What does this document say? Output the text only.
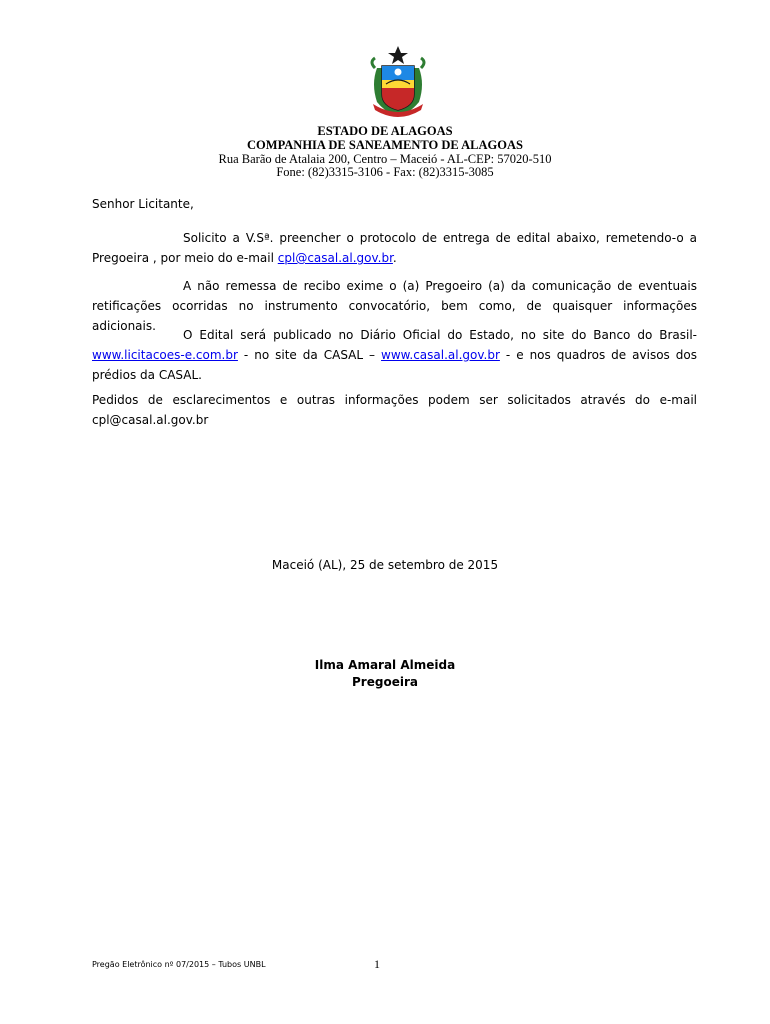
ESTADO DE ALAGOAS
COMPANHIA DE SANEAMENTO DE ALAGOAS
Rua Barão de Atalaia 200, Centro – Maceió - AL-CEP: 57020-510
Fone: (82)3315-3106 - Fax: (82)3315-3085
Senhor Licitante,
Solicito a V.Sª. preencher o protocolo de entrega de edital abaixo, remetendo-o a Pregoeira , por meio do e-mail cpl@casal.al.gov.br.
A não remessa de recibo exime o (a) Pregoeiro (a) da comunicação de eventuais retificações ocorridas no instrumento convocatório, bem como, de quaisquer informações adicionais.
O Edital será publicado no Diário Oficial do Estado, no site do Banco do Brasil-www.licitacoes-e.com.br - no site da CASAL – www.casal.al.gov.br - e nos quadros de avisos dos prédios da CASAL.
Pedidos de esclarecimentos e outras informações podem ser solicitados através do e-mail cpl@casal.al.gov.br
Maceió (AL), 25 de setembro de 2015
Ilma Amaral Almeida
Pregoeira
Pregão Eletrônico nº 07/2015 – Tubos UNBL	1
